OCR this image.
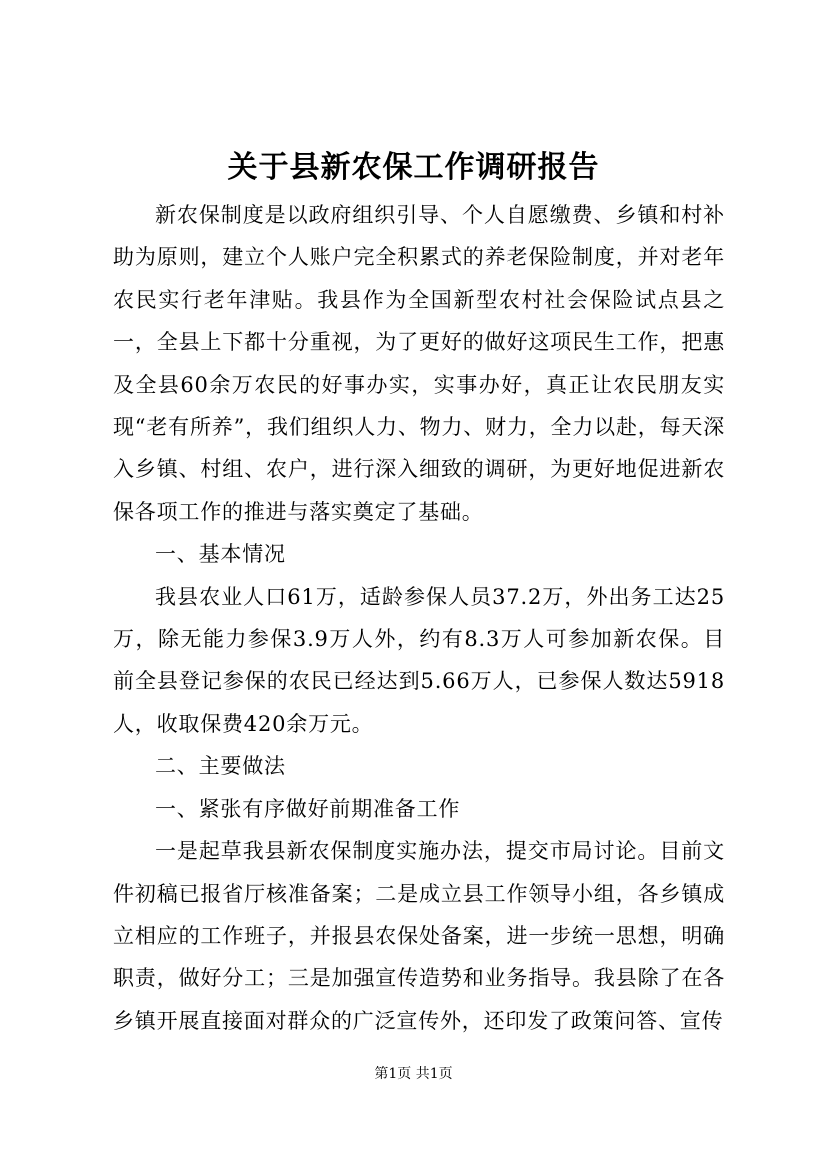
关于县新农保工作调研报告

新农保制度是以政府组织引导、个人自愿缴费、乡镇和村补助为原则，建立个人账户完全积累式的养老保险制度，并对老年农民实行老年津贴。我县作为全国新型农村社会保险试点县之一，全县上下都十分重视，为了更好的做好这项民生工作，把惠及全县60余万农民的好事办实，实事办好，真正让农民朋友实现“老有所养”，我们组织人力、物力、财力，全力以赴，每天深入乡镇、村组、农户，进行深入细致的调研，为更好地促进新农保各项工作的推进与落实奠定了基础。

一、基本情况

我县农业人口61万，适龄参保人员37.2万，外出务工达25万，除无能力参保3.9万人外，约有8.3万人可参加新农保。目前全县登记参保的农民已经达到5.66万人，已参保人数达5918人，收取保费420余万元。

二、主要做法

一、紧张有序做好前期准备工作

一是起草我县新农保制度实施办法，提交市局讨论。目前文件初稿已报省厅核准备案；二是成立县工作领导小组，各乡镇成立相应的工作班子，并报县农保处备案，进一步统一思想，明确职责，做好分工；三是加强宣传造势和业务指导。我县除了在各乡镇开展直接面对群众的广泛宣传外，还印发了政策问答、宣传

第1页 共1页
